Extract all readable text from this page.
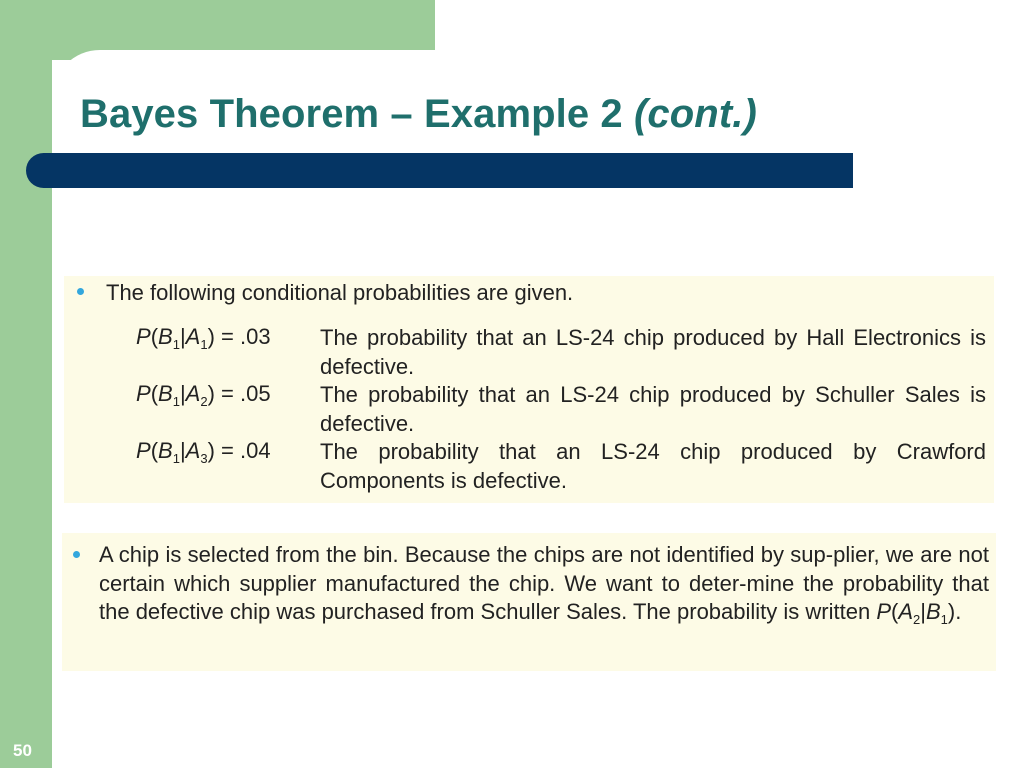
Bayes Theorem – Example 2 (cont.)
The following conditional probabilities are given.
$P(B_1|A_1) = .03$ The probability that an LS-24 chip produced by Hall Electronics is defective.
$P(B_1|A_2) = .05$ The probability that an LS-24 chip produced by Schuller Sales is defective.
$P(B_1|A_3) = .04$ The probability that an LS-24 chip produced by Crawford Components is defective.
A chip is selected from the bin. Because the chips are not identified by sup-plier, we are not certain which supplier manufactured the chip. We want to deter-mine the probability that the defective chip was purchased from Schuller Sales. The probability is written $P(A_2|B_1)$.
50
